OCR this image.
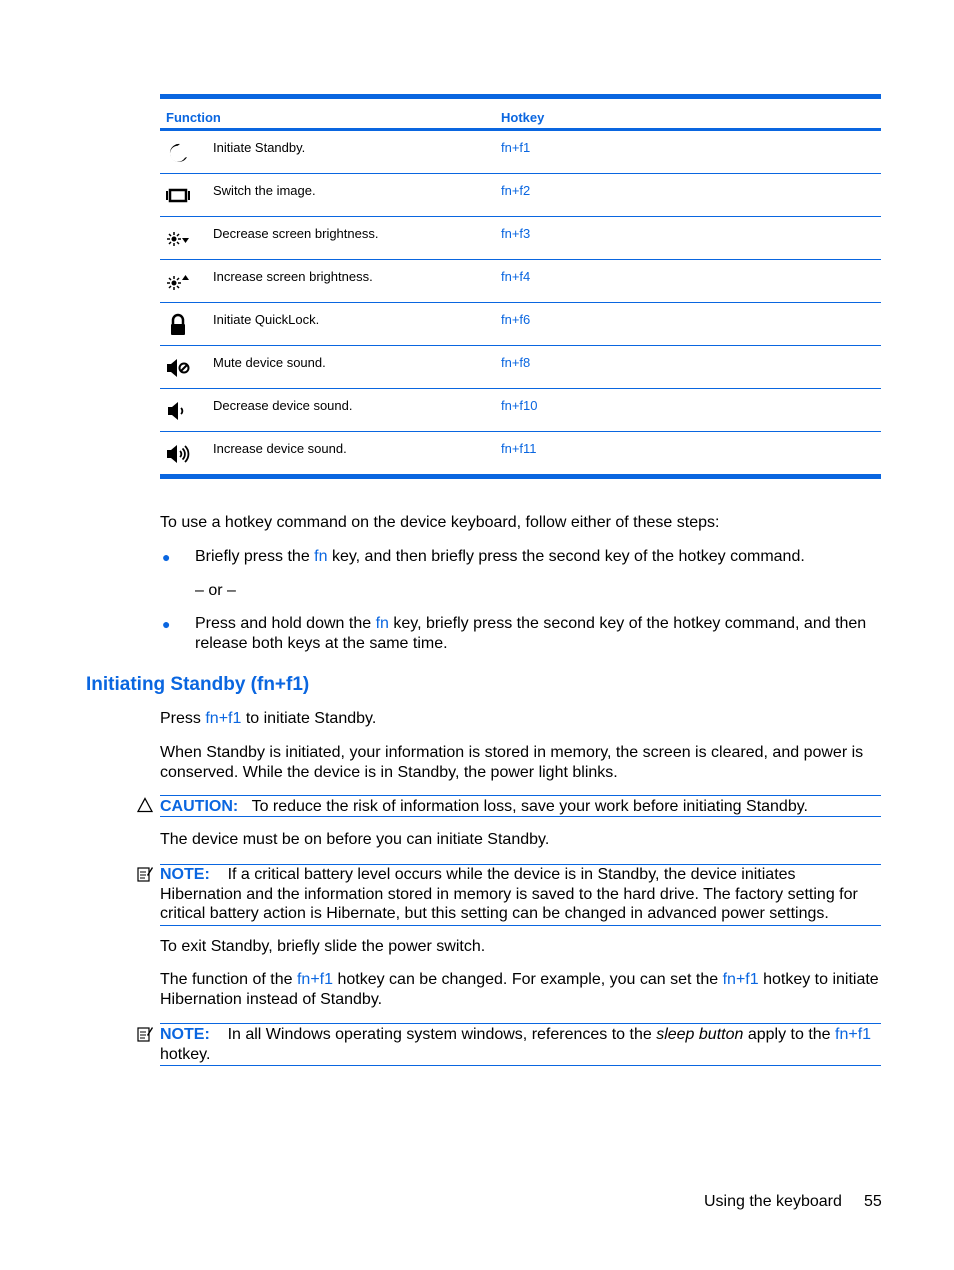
Function	Hotkey
Initiate Standby.	fn+f1
Switch the image.	fn+f2
Decrease screen brightness.	fn+f3
Increase screen brightness.	fn+f4
Initiate QuickLock.	fn+f6
Mute device sound.	fn+f8
Decrease device sound.	fn+f10
Increase device sound.	fn+f11
To use a hotkey command on the device keyboard, follow either of these steps:
● Briefly press the fn key, and then briefly press the second key of the hotkey command.
– or –
● Press and hold down the fn key, briefly press the second key of the hotkey command, and then release both keys at the same time.
Initiating Standby (fn+f1)
Press fn+f1 to initiate Standby.
When Standby is initiated, your information is stored in memory, the screen is cleared, and power is conserved. While the device is in Standby, the power light blinks.
CAUTION: To reduce the risk of information loss, save your work before initiating Standby.
The device must be on before you can initiate Standby.
NOTE: If a critical battery level occurs while the device is in Standby, the device initiates Hibernation and the information stored in memory is saved to the hard drive. The factory setting for critical battery action is Hibernate, but this setting can be changed in advanced power settings.
To exit Standby, briefly slide the power switch.
The function of the fn+f1 hotkey can be changed. For example, you can set the fn+f1 hotkey to initiate Hibernation instead of Standby.
NOTE: In all Windows operating system windows, references to the sleep button apply to the fn+f1 hotkey.
Using the keyboard 55
